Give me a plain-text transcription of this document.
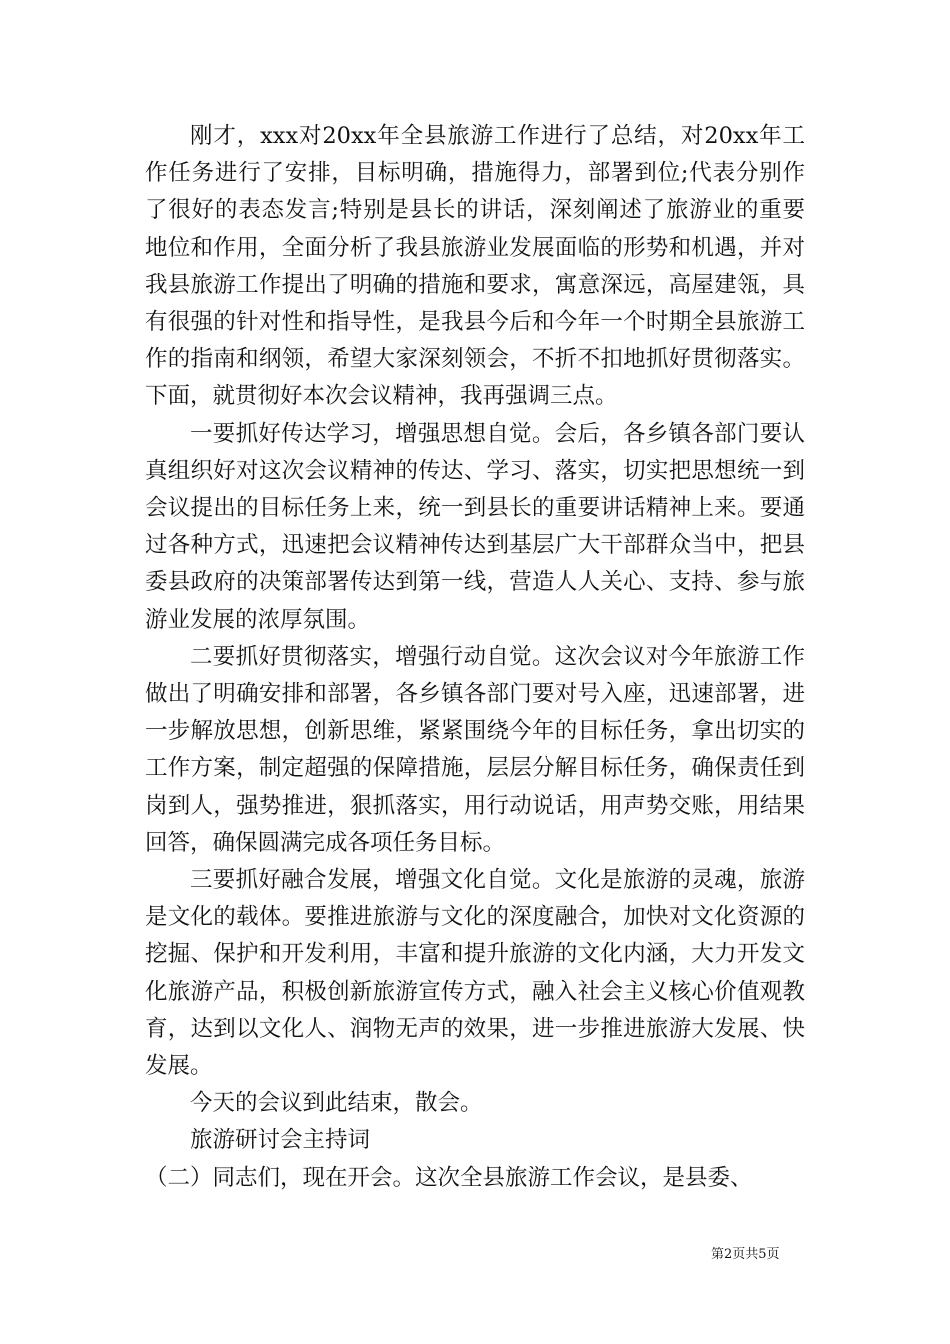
刚才，xxx对20xx年全县旅游工作进行了总结，对20xx年工作任务进行了安排，目标明确，措施得力，部署到位;代表分别作了很好的表态发言;特别是县长的讲话，深刻阐述了旅游业的重要地位和作用，全面分析了我县旅游业发展面临的形势和机遇，并对我县旅游工作提出了明确的措施和要求，寓意深远，高屋建瓴，具有很强的针对性和指导性，是我县今后和今年一个时期全县旅游工作的指南和纲领，希望大家深刻领会，不折不扣地抓好贯彻落实。下面，就贯彻好本次会议精神，我再强调三点。

一要抓好传达学习，增强思想自觉。会后，各乡镇各部门要认真组织好对这次会议精神的传达、学习、落实，切实把思想统一到会议提出的目标任务上来，统一到县长的重要讲话精神上来。要通过各种方式，迅速把会议精神传达到基层广大干部群众当中，把县委县政府的决策部署传达到第一线，营造人人关心、支持、参与旅游业发展的浓厚氛围。

二要抓好贯彻落实，增强行动自觉。这次会议对今年旅游工作做出了明确安排和部署，各乡镇各部门要对号入座，迅速部署，进一步解放思想，创新思维，紧紧围绕今年的目标任务，拿出切实的工作方案，制定超强的保障措施，层层分解目标任务，确保责任到岗到人，强势推进，狠抓落实，用行动说话，用声势交账，用结果回答，确保圆满完成各项任务目标。

三要抓好融合发展，增强文化自觉。文化是旅游的灵魂，旅游是文化的载体。要推进旅游与文化的深度融合，加快对文化资源的挖掘、保护和开发利用，丰富和提升旅游的文化内涵，大力开发文化旅游产品，积极创新旅游宣传方式，融入社会主义核心价值观教育，达到以文化人、润物无声的效果，进一步推进旅游大发展、快发展。

今天的会议到此结束，散会。

旅游研讨会主持词

（二）同志们，现在开会。这次全县旅游工作会议，是县委、

第2页共5页
